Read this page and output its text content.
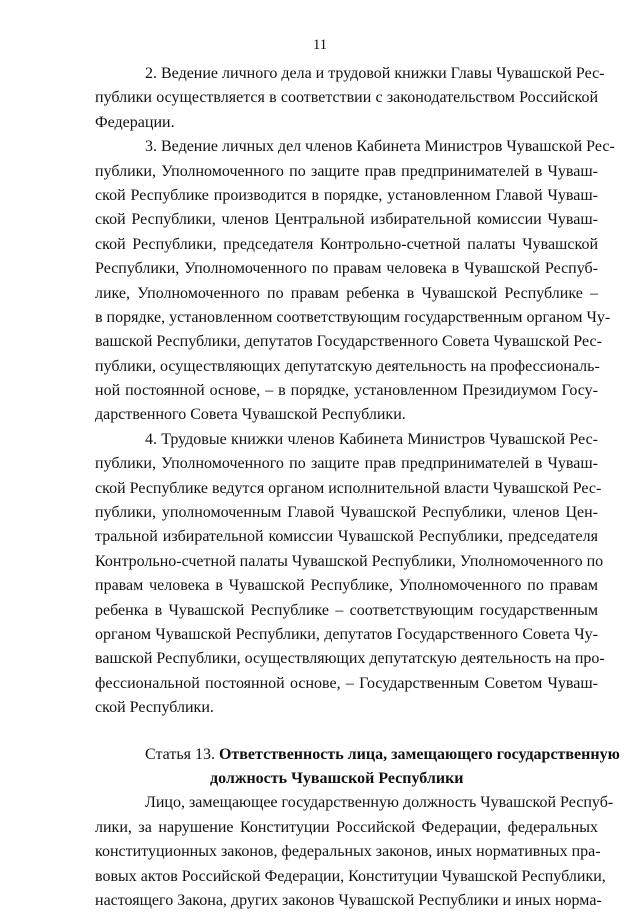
11
2. Ведение личного дела и трудовой книжки Главы Чувашской Рес-
публики осуществляется в соответствии с законодательством Российской
Федерации.
3. Ведение личных дел членов Кабинета Министров Чувашской Рес-
публики, Уполномоченного по защите прав предпринимателей в Чуваш-
ской Республике производится в порядке, установленном Главой Чуваш-
ской Республики, членов Центральной избирательной комиссии Чуваш-
ской Республики, председателя Контрольно-счетной палаты Чувашской
Республики, Уполномоченного по правам человека в Чувашской Респуб-
лике, Уполномоченного по правам ребенка в Чувашской Республике –
в порядке, установленном соответствующим государственным органом Чу-
вашской Республики, депутатов Государственного Совета Чувашской Рес-
публики, осуществляющих депутатскую деятельность на профессиональ-
ной постоянной основе, – в порядке, установленном Президиумом Госу-
дарственного Совета Чувашской Республики.
4. Трудовые книжки членов Кабинета Министров Чувашской Рес-
публики, Уполномоченного по защите прав предпринимателей в Чуваш-
ской Республике ведутся органом исполнительной власти Чувашской Рес-
публики, уполномоченным Главой Чувашской Республики, членов Цен-
тральной избирательной комиссии Чувашской Республики, председателя
Контрольно-счетной палаты Чувашской Республики, Уполномоченного по
правам человека в Чувашской Республике, Уполномоченного по правам
ребенка в Чувашской Республике – соответствующим государственным
органом Чувашской Республики, депутатов Государственного Совета Чу-
вашской Республики, осуществляющих депутатскую деятельность на про-
фессиональной постоянной основе, – Государственным Советом Чуваш-
ской Республики.
Статья 13. Ответственность лица, замещающего государственную
должность Чувашской Республики
Лицо, замещающее государственную должность Чувашской Респуб-
лики, за нарушение Конституции Российской Федерации, федеральных
конституционных законов, федеральных законов, иных нормативных пра-
вовых актов Российской Федерации, Конституции Чувашской Республики,
настоящего Закона, других законов Чувашской Республики и иных норма-
